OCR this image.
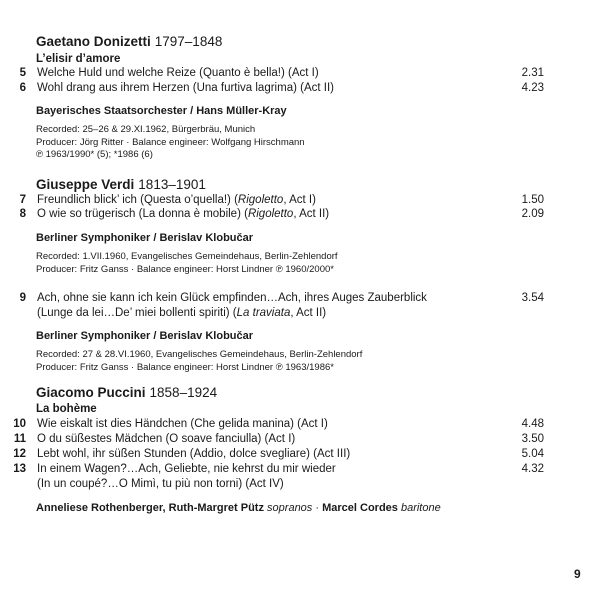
Gaetano Donizetti 1797–1848
L’elisir d’amore
5 Welche Huld und welche Reize (Quanto è bella!) (Act I)	2.31
6 Wohl drang aus ihrem Herzen (Una furtiva lagrima) (Act II)	4.23
Bayerisches Staatsorchester / Hans Müller-Kray
Recorded: 25–26 & 29.XI.1962, Bürgerbräu, Munich
Producer: Jörg Ritter · Balance engineer: Wolfgang Hirschmann
℗ 1963/1990* (5); *1986 (6)
Giuseppe Verdi 1813–1901
7 Freundlich blick’ ich (Questa o’quella!) (Rigoletto, Act I)	1.50
8 O wie so trügerisch (La donna è mobile) (Rigoletto, Act II)	2.09
Berliner Symphoniker / Berislav Klobučar
Recorded: 1.VII.1960, Evangelisches Gemeindehaus, Berlin-Zehlendorf
Producer: Fritz Ganss · Balance engineer: Horst Lindner ℗ 1960/2000*
9 Ach, ohne sie kann ich kein Glück empfinden…Ach, ihres Auges Zauberblick	3.54
(Lunge da lei…De’ miei bollenti spiriti) (La traviata, Act II)
Berliner Symphoniker / Berislav Klobučar
Recorded: 27 & 28.VI.1960, Evangelisches Gemeindehaus, Berlin-Zehlendorf
Producer: Fritz Ganss · Balance engineer: Horst Lindner ℗ 1963/1986*
Giacomo Puccini 1858–1924
La bohème
10 Wie eiskalt ist dies Händchen (Che gelida manina) (Act I)	4.48
11 O du süßestes Mädchen (O soave fanciulla) (Act I)	3.50
12 Lebt wohl, ihr süßen Stunden (Addio, dolce svegliare) (Act III)	5.04
13 In einem Wagen?…Ach, Geliebte, nie kehrst du mir wieder	4.32
(In un coupé?…O Mimì, tu più non torni) (Act IV)
Anneliese Rothenberger, Ruth-Margret Pütz sopranos · Marcel Cordes baritone
9
